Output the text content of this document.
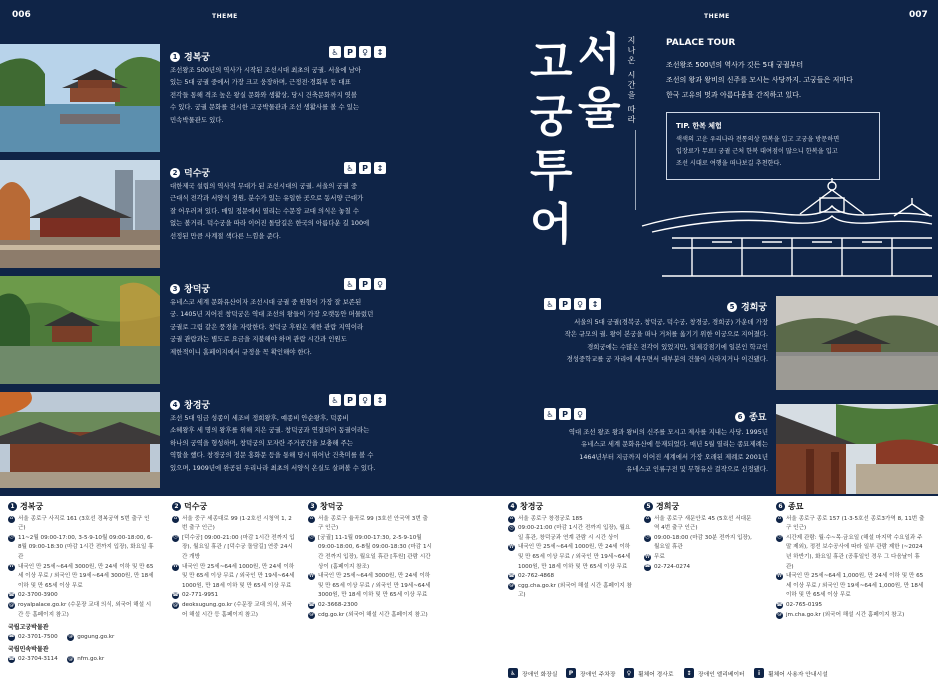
006	THEME	THEME	007
1 경복궁
♿	P	♀	↕
조선왕조 500년의 역사가 시작된 조선시대 최초의 궁궐. 서울에 남아
있는 5대 궁궐 중에서 가장 크고 웅장하며, 근정전·경회루 등 대표
전각들 통해 격조 높은 왕실 문화와 생활상, 당시 건축문화까지 엿볼
수 있다. 궁궐 문화를 전시한 고궁박물관과 조선 생활사를 볼 수 있는
민속박물관도 있다.
2 덕수궁
♿	P	↕
대한제국 설립의 역사적 무대가 된 조선시대의 궁궐. 서울의 궁궐 중
근대식 전각과 서양식 정원, 분수가 있는 유일한 곳으로 동서양 근대가
잘 어우러져 있다. 매일 정문에서 열리는 수문장 교대 의식은 놓칠 수
없는 볼거리. 덕수궁을 따라 이어진 돌담길은 한국의 아름다운 길 100에
선정된 만큼 사계절 색다른 느낌을 준다.
3 창덕궁
♿	P	♀
유네스코 세계 문화유산이자 조선시대 궁궐 중 원형이 가장 잘 보존된
궁. 1405년 지어진 창덕궁은 역대 조선의 왕들이 가장 오랫동안 머물렀던
궁궐로 그림 같은 풍경을 자랑한다. 창덕궁 후원은 제한 관람 지역이라
궁궐 관람과는 별도로 요금을 지불해야 하며 관람 시간과 인원도
제한적이니 홈페이지에서 규정을 꼭 확인해야 한다.
4 창경궁
♿	P	♀	↕
조선 5대 임금 성종이 세조비 정희왕후, 예종비 안순왕후, 덕종비
소혜왕후 세 명의 왕후를 위해 지은 궁궐. 창덕궁과 연결되어 동궐이라는
하나의 궁역을 형성하며, 창덕궁의 모자란 주거공간을 보충해 주는
역할을 했다. 창경궁의 정문 홍화문 등을 통해 당시 뛰어난 건축미를 볼 수
있으며, 1909년에 완공된 우리나라 최초의 서양식 온실도 살펴볼 수 있다.
고
궁
서
울
투
어
지나온 시간을 따라	PALACE TOUR
조선왕조 500년의 역사가 깃든 5대 궁궐부터
조선의 왕과 왕비의 신주를 모시는 사당까지. 고궁들은 저마다
한국 고유의 멋과 아름다움을 간직하고 있다.
TIP. 한복 체험
색색의 고운 우리나라 전통의상 한복을 입고 고궁을 방문하면
입장료가 무료! 궁궐 근처 한복 대여점이 많으니 한복을 입고
조선 시대로 여행을 떠나보길 추천한다.
♿	P	♀	↕	5 경희궁
서울의 5대 궁궐(경복궁, 창덕궁, 덕수궁, 창경궁, 경희궁) 가운데 가장
작은 규모의 궐. 왕이 본궁을 떠나 거처를 옮기기 위한 이궁으로 지어졌다.
경희궁에는 수많은 전각이 있었지만, 일제강점기에 일본인 학교인
경성중학교를 궁 자리에 세우면서 대부분의 건물이 사라지거나 이건됐다.
♿	P	♀	6 종묘
역대 조선 왕조 왕과 왕비의 신주를 모시고 제사를 지내는 사당. 1995년
유네스코 세계 문화유산에 등재되었다. 매년 5월 열리는 종묘제례는
1464년부터 지금까지 이어진 세계에서 가장 오래된 제례로 2001년
유네스코 인류구전 및 무형유산 걸작으로 선정됐다.
1 경복궁
⌂ 서울 종로구 사직로 161 (3호선 경복궁역 5번 출구 인근)
◷ 11~2월 09:00-17:00, 3-5·9-10월 09:00-18:00, 6-8월 09:00-18:30 (마감 1시간 전까지 입장), 화요일 휴관
₩ 내국인 만 25세~64세 3000원, 만 24세 이하 및 만 65세 이상 무료 / 외국인 만 19세~64세 3000원, 만 18세 이하 및 만 65세 이상 무료
☎ 02-3700-3900
@ royalpalace.go.kr (수문장 교대 의식, 외국어 해설 시간 등 홈페이지 참고)
국립고궁박물관
☎ 02-3701-7500
@ gogung.go.kr
국립민속박물관
☎ 02-3704-3114
@ nfm.go.kr
2 덕수궁
⌂ 서울 중구 세종대로 99 (1·2호선 시청역 1, 2번 출구 인근)
◷ [덕수궁] 09:00-21:00 (마감 1시간 전까지 입장), 월요일 휴관 / [덕수궁 돌담길] 연중 24시간 개방
₩ 내국인 만 25세~64세 1000원, 만 24세 이하 및 만 65세 이상 무료 / 외국인 만 19세~64세 1000원, 만 18세 이하 및 만 65세 이상 무료
☎ 02-771-9951
@ deoksugung.go.kr (수문장 교대 의식, 외국어 해설 시간 등 홈페이지 참고)
3 창덕궁
⌂ 서울 종로구 율곡로 99 (3호선 안국역 3번 출구 인근)
◷ [궁궐] 11-1월 09:00-17:30, 2-5·9-10월 09:00-18:00, 6-8월 09:00-18:30 (마감 1시간 전까지 입장), 월요일 휴관 [후원] 관람 시간 상이 (홈페이지 참조)
₩ 내국인 만 25세~64세 3000원, 만 24세 이하 및 만 65세 이상 무료 / 외국인 만 19세~64세 3000원, 만 18세 이하 및 만 65세 이상 무료
☎ 02-3668-2300
@ cdg.go.kr (외국어 해설 시간 홈페이지 참고)
4 창경궁
⌂ 서울 종로구 창경궁로 185
◷ 09:00-21:00 (마감 1시간 전까지 입장), 월요일 휴관, 창덕궁과 연계 관람 시 시간 상이
₩ 내국인 만 25세~64세 1000원, 만 24세 이하 및 만 65세 이상 무료 / 외국인 만 19세~64세 1000원, 만 18세 이하 및 만 65세 이상 무료
☎ 02-762-4868
@ cgg.cha.go.kr (외국어 해설 시간 홈페이지 참고)
5 경희궁
⌂ 서울 종로구 새문안로 45 (5호선 서대문역 4번 출구 인근)
◷ 09:00-18:00 (마감 30분 전까지 입장), 월요일 휴관
₩ 무료
☎ 02-724-0274
6 종묘
⌂ 서울 종로구 종로 157 (1·3·5호선 종로3가역 8, 11번 출구 인근)
◷ 시간제 관람: 월·수~목·금요일 (해설 마지막 수요일과 주말 제외), 정전 보수공사에 따라 일부 관람 제한 (~2024년 하반기), 화요일 휴관 (공휴일인 경우 그 다음날이 휴관)
₩ 내국인 만 25세~64세 1,000원, 만 24세 이하 및 만 65세 이상 무료 / 외국인 만 19세~64세 1,000원, 만 18세 이하 및 만 65세 이상 무료
☎ 02-765-0195
@ jm.cha.go.kr (외국어 해설 시간 홈페이지 참고)
♿	장애인 화장실	P	장애인 주차장	♀	휠체어 경사로	↕	장애인 엘리베이터	i	휠체어 사용자 안내시설
